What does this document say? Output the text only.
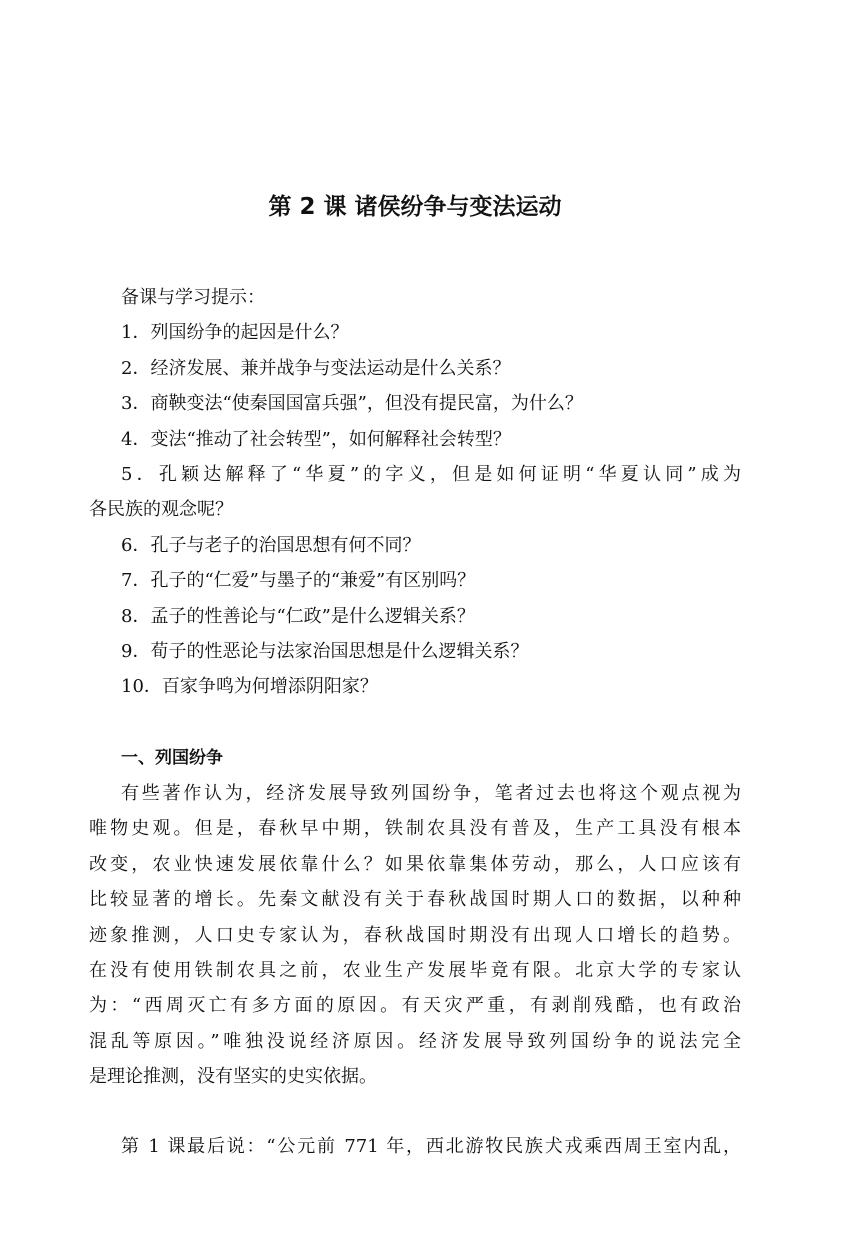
第 2 课 诸侯纷争与变法运动
备课与学习提示：
1．列国纷争的起因是什么？
2．经济发展、兼并战争与变法运动是什么关系？
3．商鞅变法“使秦国国富兵强”，但没有提民富，为什么？
4．变法“推动了社会转型”，如何解释社会转型？
5．孔颖达解释了“华夏”的字义，但是如何证明“华夏认同”成为
各民族的观念呢？
6．孔子与老子的治国思想有何不同？
7．孔子的“仁爱”与墨子的“兼爱”有区别吗？
8．孟子的性善论与“仁政”是什么逻辑关系？
9．荀子的性恶论与法家治国思想是什么逻辑关系？
10．百家争鸣为何增添阴阳家？
一、列国纷争
有些著作认为，经济发展导致列国纷争，笔者过去也将这个观点视为
唯物史观。但是，春秋早中期，铁制农具没有普及，生产工具没有根本
改变，农业快速发展依靠什么？如果依靠集体劳动，那么，人口应该有
比较显著的增长。先秦文献没有关于春秋战国时期人口的数据，以种种
迹象推测，人口史专家认为，春秋战国时期没有出现人口增长的趋势。
在没有使用铁制农具之前，农业生产发展毕竟有限。北京大学的专家认
为：“西周灭亡有多方面的原因。有天灾严重，有剥削残酷，也有政治
混乱等原因。”唯独没说经济原因。经济发展导致列国纷争的说法完全
是理论推测，没有坚实的史实依据。
第 1 课最后说：“公元前 771 年，西北游牧民族犬戎乘西周王室内乱，
